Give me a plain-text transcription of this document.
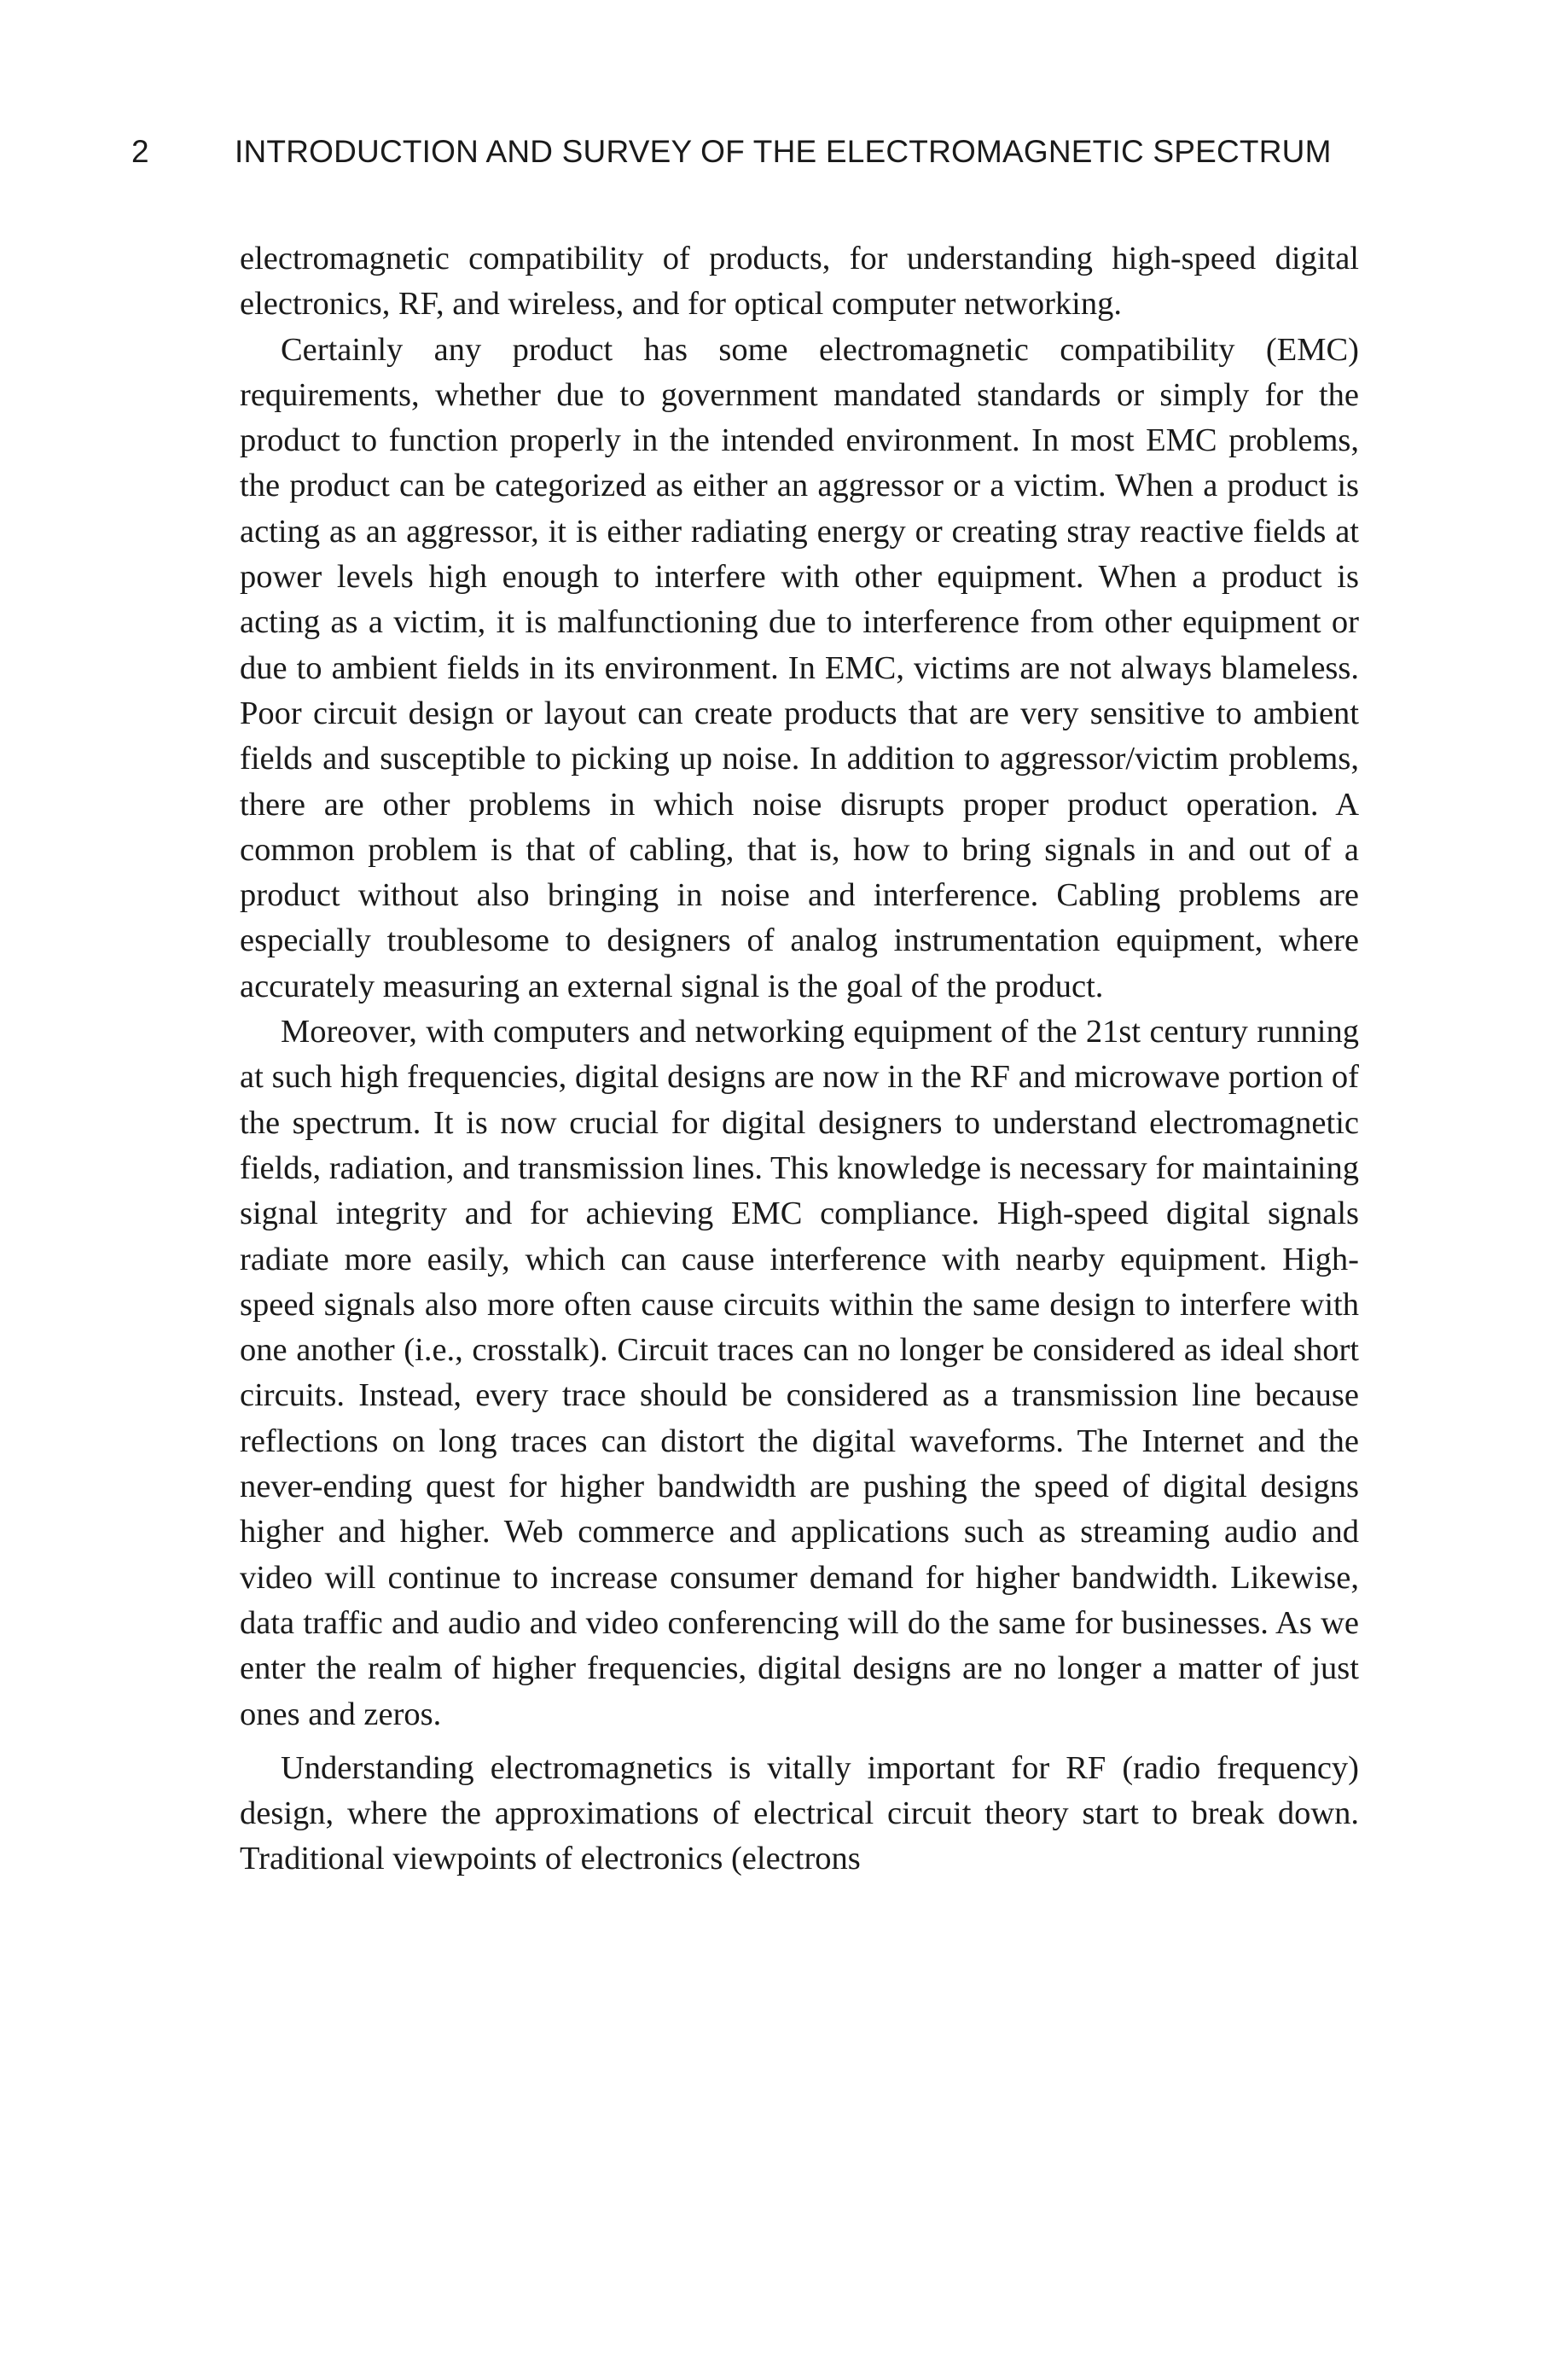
2	INTRODUCTION AND SURVEY OF THE ELECTROMAGNETIC SPECTRUM

electromagnetic compatibility of products, for understanding high-speed digital electronics, RF, and wireless, and for optical computer networking.

Certainly any product has some electromagnetic compatibility (EMC) requirements, whether due to government mandated standards or simply for the product to function properly in the intended environment. In most EMC problems, the product can be categorized as either an aggressor or a victim. When a product is acting as an aggressor, it is either radiating energy or creating stray reactive fields at power levels high enough to interfere with other equipment. When a product is acting as a victim, it is malfunctioning due to interference from other equipment or due to ambient fields in its environment. In EMC, victims are not always blameless. Poor circuit design or layout can create products that are very sensitive to ambient fields and susceptible to picking up noise. In addition to aggressor/victim problems, there are other problems in which noise disrupts proper product operation. A common problem is that of cabling, that is, how to bring signals in and out of a product without also bringing in noise and interference. Cabling problems are especially troublesome to designers of analog instrumentation equipment, where accurately measuring an external signal is the goal of the product.

Moreover, with computers and networking equipment of the 21st century running at such high frequencies, digital designs are now in the RF and microwave portion of the spectrum. It is now crucial for digital designers to understand electromagnetic fields, radiation, and transmission lines. This knowledge is necessary for maintaining signal integrity and for achieving EMC compliance. High-speed digital signals radiate more easily, which can cause interference with nearby equipment. High-speed signals also more often cause circuits within the same design to interfere with one another (i.e., crosstalk). Circuit traces can no longer be considered as ideal short circuits. Instead, every trace should be considered as a transmission line because reflections on long traces can distort the digital waveforms. The Internet and the never-ending quest for higher bandwidth are pushing the speed of digital designs higher and higher. Web commerce and applications such as streaming audio and video will continue to increase consumer demand for higher bandwidth. Likewise, data traffic and audio and video conferencing will do the same for businesses. As we enter the realm of higher frequencies, digital designs are no longer a matter of just ones and zeros.

Understanding electromagnetics is vitally important for RF (radio frequency) design, where the approximations of electrical circuit theory start to break down. Traditional viewpoints of electronics (electrons
